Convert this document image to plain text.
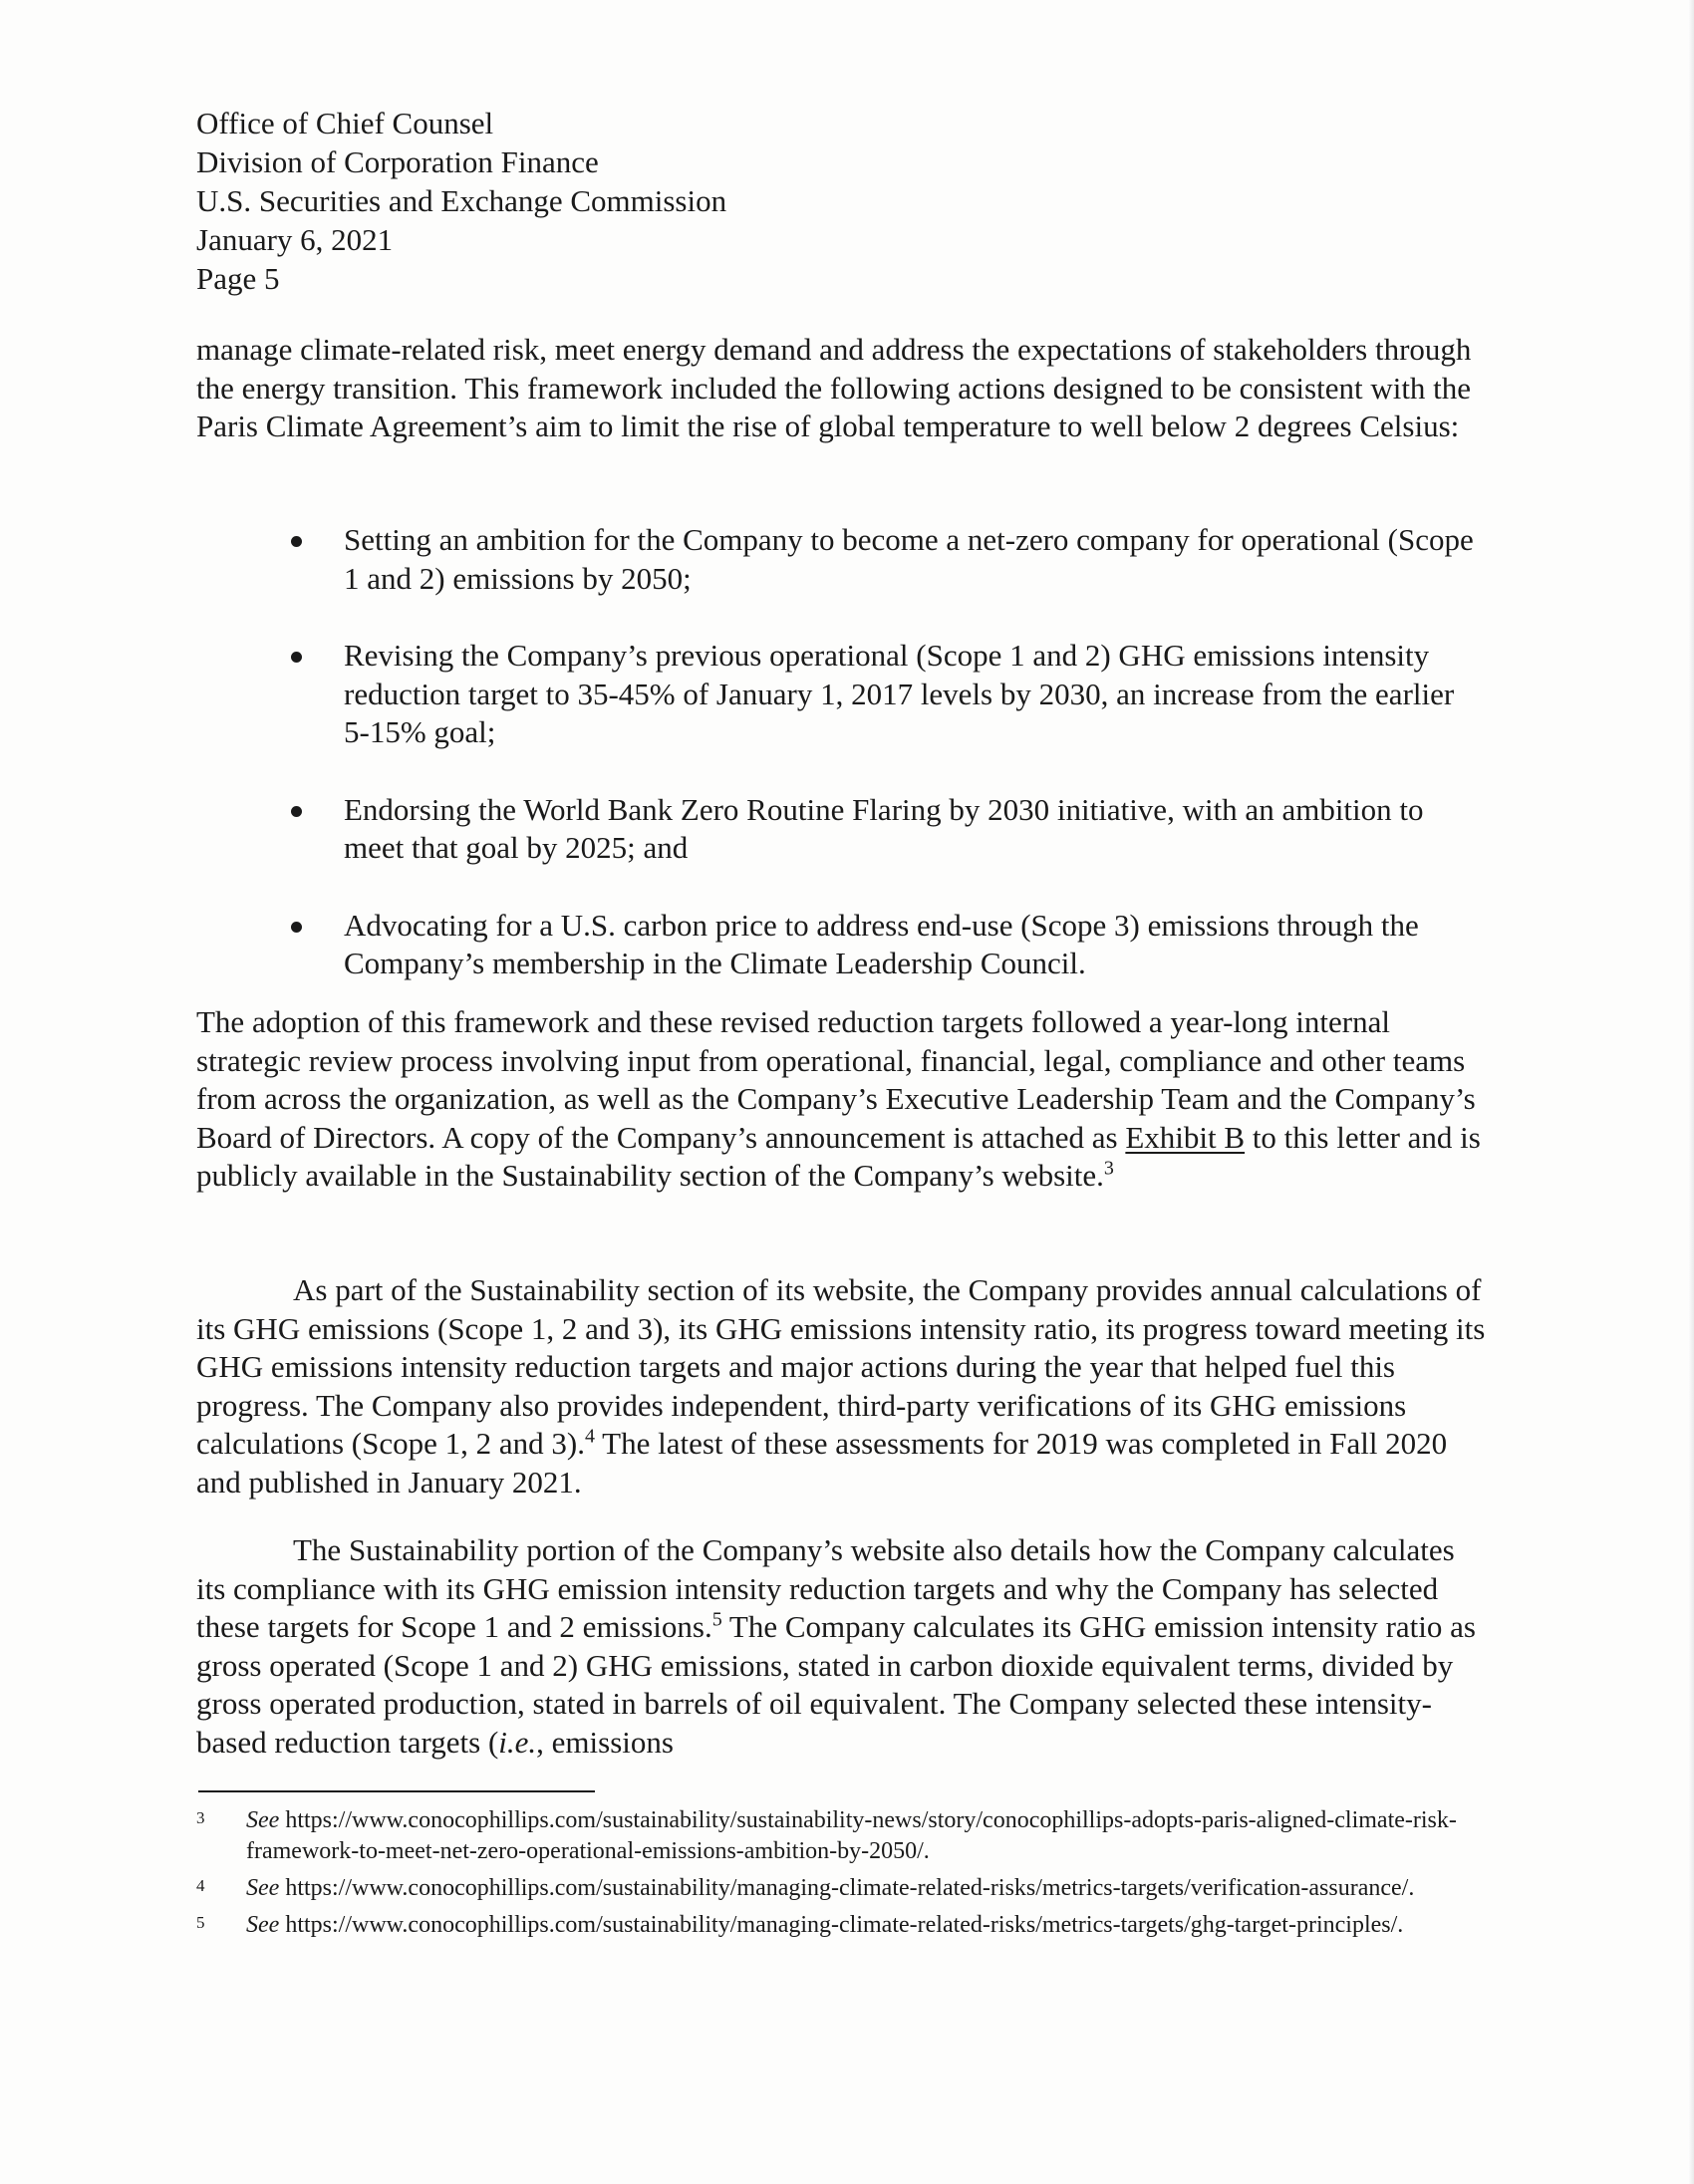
Office of Chief Counsel
Division of Corporation Finance
U.S. Securities and Exchange Commission
January 6, 2021
Page 5

manage climate-related risk, meet energy demand and address the expectations of stakeholders through the energy transition. This framework included the following actions designed to be consistent with the Paris Climate Agreement’s aim to limit the rise of global temperature to well below 2 degrees Celsius:

Setting an ambition for the Company to become a net-zero company for operational (Scope 1 and 2) emissions by 2050;
Revising the Company’s previous operational (Scope 1 and 2) GHG emissions intensity reduction target to 35-45% of January 1, 2017 levels by 2030, an increase from the earlier 5-15% goal;
Endorsing the World Bank Zero Routine Flaring by 2030 initiative, with an ambition to meet that goal by 2025; and
Advocating for a U.S. carbon price to address end-use (Scope 3) emissions through the Company’s membership in the Climate Leadership Council.

The adoption of this framework and these revised reduction targets followed a year-long internal strategic review process involving input from operational, financial, legal, compliance and other teams from across the organization, as well as the Company’s Executive Leadership Team and the Company’s Board of Directors. A copy of the Company’s announcement is attached as Exhibit B to this letter and is publicly available in the Sustainability section of the Company’s website.$^3$

As part of the Sustainability section of its website, the Company provides annual calculations of its GHG emissions (Scope 1, 2 and 3), its GHG emissions intensity ratio, its progress toward meeting its GHG emissions intensity reduction targets and major actions during the year that helped fuel this progress. The Company also provides independent, third-party verifications of its GHG emissions calculations (Scope 1, 2 and 3).$^4$ The latest of these assessments for 2019 was completed in Fall 2020 and published in January 2021.

The Sustainability portion of the Company’s website also details how the Company calculates its compliance with its GHG emission intensity reduction targets and why the Company has selected these targets for Scope 1 and 2 emissions.$^5$ The Company calculates its GHG emission intensity ratio as gross operated (Scope 1 and 2) GHG emissions, stated in carbon dioxide equivalent terms, divided by gross operated production, stated in barrels of oil equivalent. The Company selected these intensity-based reduction targets (i.e., emissions

3 See https://www.conocophillips.com/sustainability/sustainability-news/story/conocophillips-adopts-paris-aligned-climate-risk-framework-to-meet-net-zero-operational-emissions-ambition-by-2050/.
4 See https://www.conocophillips.com/sustainability/managing-climate-related-risks/metrics-targets/verification-assurance/.
5 See https://www.conocophillips.com/sustainability/managing-climate-related-risks/metrics-targets/ghg-target-principles/.
